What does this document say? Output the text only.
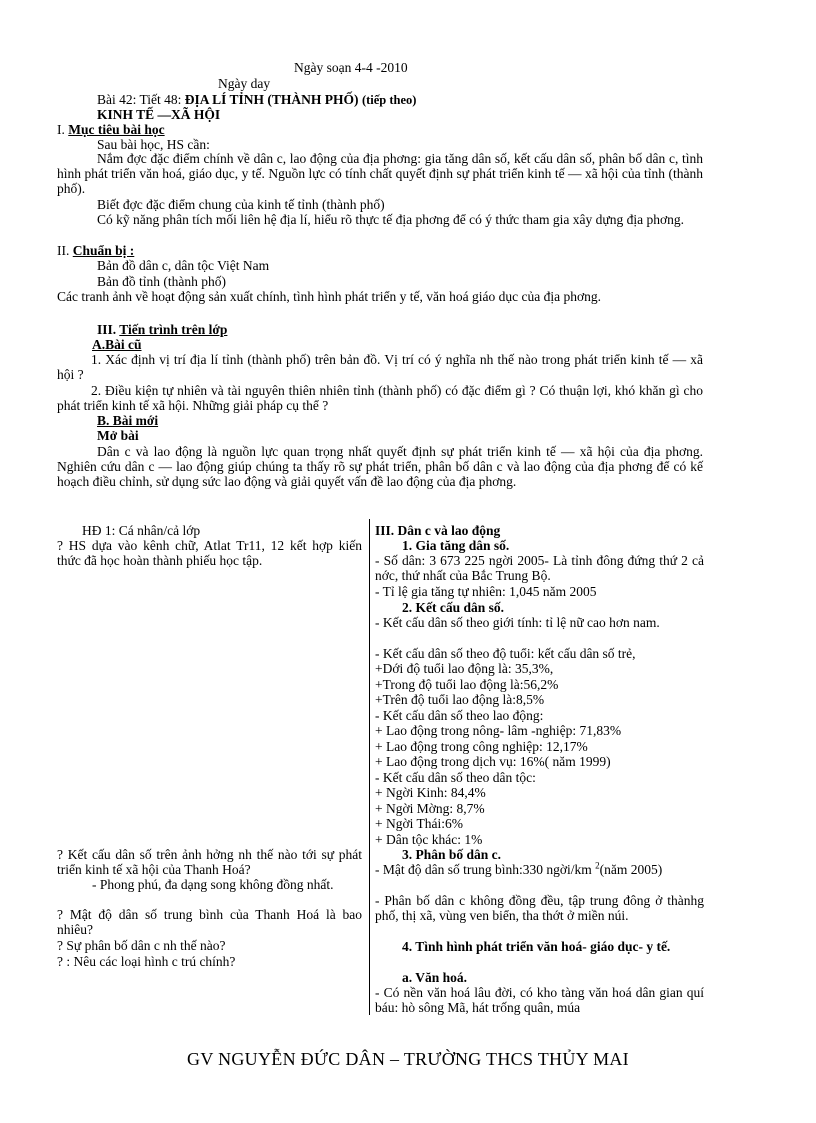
Ngày soạn 4-4 -2010
Ngày day
Bài 42: Tiết 48: ĐỊA LÍ TỈNH (THÀNH PHỐ) (tiếp theo)
KINH TẾ —XÃ HỘI
I. Mục tiêu bài học
Sau bài học, HS cần:
Nắm đợc đặc điểm chính về dân c, lao động của địa phơng: gia tăng dân số, kết cấu dân số, phân bố dân c, tình hình phát triển văn hoá, giáo dục, y tế. Nguồn lực có tính chất quyết định sự phát triển kinh tế — xã hội của tỉnh (thành phố).
Biết đợc đặc điểm chung của kinh tế tỉnh (thành phố)
Có kỹ năng phân tích mối liên hệ địa lí, hiểu rõ thực tế địa phơng để có ý thức tham gia xây dựng địa phơng.
II. Chuẩn bị :
Bản đồ dân c, dân tộc Việt Nam
Bản đồ tỉnh (thành phố)
Các tranh ảnh về hoạt động sản xuất chính, tình hình phát triển y tế, văn hoá giáo dục của địa phơng.
III. Tiến trình trên lớp
A.Bài cũ
1. Xác định vị trí địa lí tỉnh (thành phố) trên bản đồ. Vị trí có ý nghĩa nh thế nào trong phát triển kinh tế — xã hội ?
2. Điều kiện tự nhiên và tài nguyên thiên nhiên tỉnh (thành phố) có đặc điểm gì ? Có thuận lợi, khó khăn gì cho phát triển kinh tế xã hội. Những giải pháp cụ thể ?
B. Bài mới
Mở bài
Dân c và lao động là nguồn lực quan trọng nhất quyết định sự phát triển kinh tế — xã hội của địa phơng. Nghiên cứu dân c — lao động giúp chúng ta thấy rõ sự phát triển, phân bố dân c và lao động của địa phơng để có kế hoạch điều chỉnh, sử dụng sức lao động và giải quyết vấn đề lao động của địa phơng.
HĐ 1: Cá nhân/cả lớp
? HS dựa vào kênh chữ, Atlat Tr11, 12 kết hợp kiến thức đã học hoàn thành phiếu học tập.
? Kết cấu dân số trên ảnh hởng nh thế nào tới sự phát triển kinh tế xã hội của Thanh Hoá?
- Phong phú, đa dạng song không đồng nhất.
? Mật độ dân số trung bình của Thanh Hoá là bao nhiêu?
? Sự phân bố dân c nh thế nào?
? : Nêu các loại hình c trú chính?
III. Dân c và lao động
1. Gia tăng dân số.
- Số dân: 3 673 225 ngời 2005- Là tỉnh đông đứng thứ 2 cả nớc, thứ nhất của Bắc Trung Bộ.
- Tỉ lệ gia tăng tự nhiên: 1,045 năm 2005
2. Kết cấu dân số.
- Kết cấu dân số theo giới tính: tỉ lệ nữ cao hơn nam.
- Kết cấu dân số theo độ tuổi: kết cấu dân số trẻ,
+Dới độ tuổi lao động là: 35,3%,
+Trong độ tuổi lao động là:56,2%
+Trên độ tuổi lao động là:8,5%
- Kết cấu dân số theo lao động:
+ Lao động trong nông- lâm -nghiệp: 71,83%
+ Lao động trong công nghiệp: 12,17%
+ Lao động trong dịch vụ: 16%( năm 1999)
- Kết cấu dân số theo dân tộc:
+ Ngời Kinh: 84,4%
+ Ngời Mờng: 8,7%
+ Ngời Thái:6%
+ Dân tộc khác: 1%
3. Phân bố dân c.
- Mật độ dân số trung bình:330 ngời/km $^2$(năm 2005)
- Phân bố dân c không đồng đều, tập trung đông ở thànhg phố, thị xã, vùng ven biển, tha thớt ở miền núi.
4. Tình hình phát triển văn hoá- giáo dục- y tế.
a. Văn hoá.
- Có nền văn hoá lâu đời, có kho tàng văn hoá dân gian quí báu: hò sông Mã, hát trống quân, múa
GV NGUYỄN ĐỨC DÂN – TRƯỜNG THCS THỦY MAI
